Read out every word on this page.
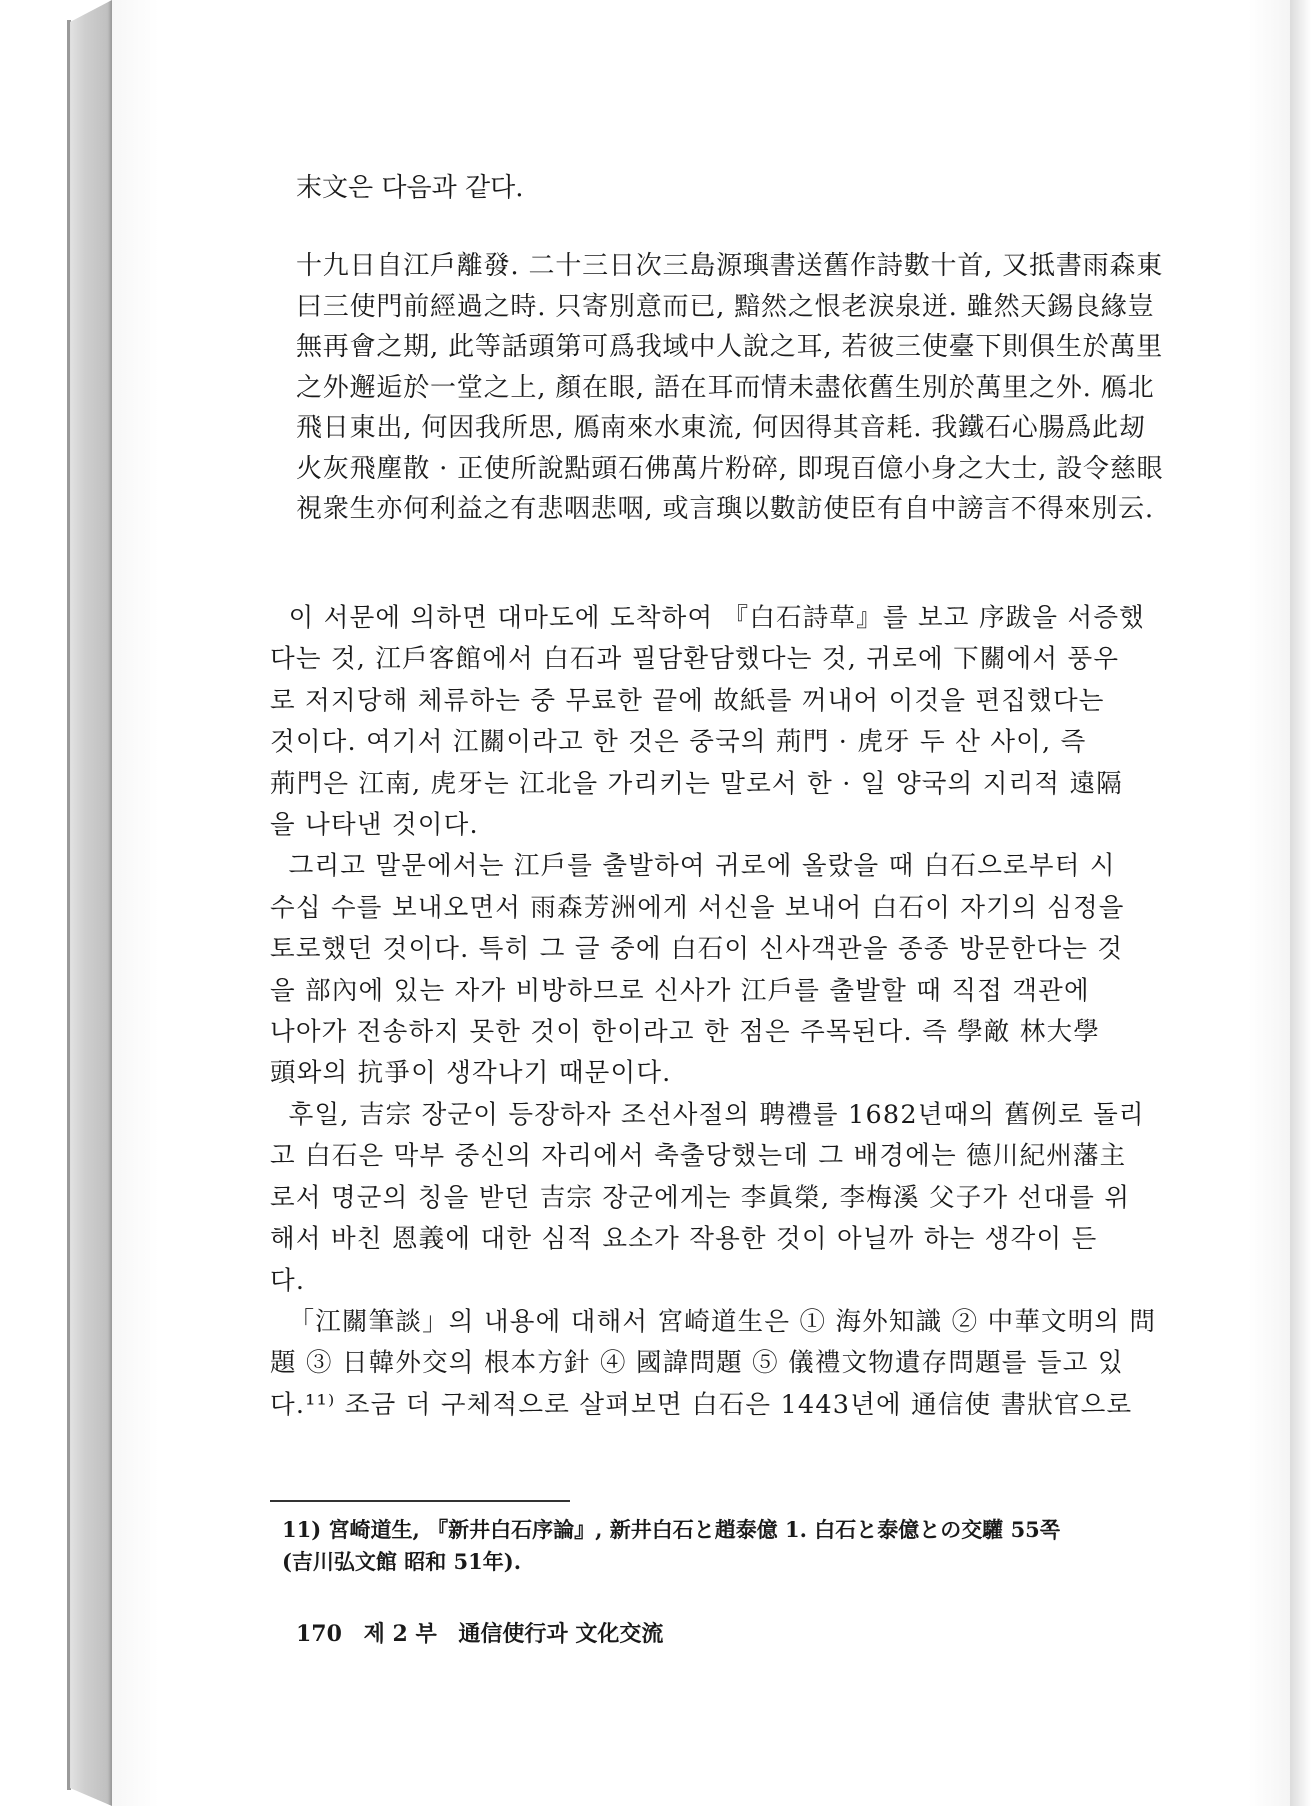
末文은 다음과 같다.
十九日自江戶離發. 二十三日次三島源璵書送舊作詩數十首, 又抵書雨森東
曰三使門前經過之時. 只寄別意而已, 黯然之恨老淚泉迸. 雖然天錫良緣豈
無再會之期, 此等話頭第可爲我域中人說之耳, 若彼三使臺下則俱生於萬里
之外邂逅於一堂之上, 顏在眼, 語在耳而情未盡依舊生別於萬里之外. 鴈北
飛日東出, 何因我所思, 鴈南來水東流, 何因得其音耗. 我鐵石心腸爲此刼
火灰飛塵散 · 正使所說點頭石佛萬片粉碎, 即現百億小身之大士, 設令慈眼
視衆生亦何利益之有悲咽悲咽, 或言璵以數訪使臣有自中謗言不得來別云.
이 서문에 의하면 대마도에 도착하여 『白石詩草』를 보고 序跋을 서증했
다는 것, 江戶客館에서 白石과 필담환담했다는 것, 귀로에 下關에서 풍우
로 저지당해 체류하는 중 무료한 끝에 故紙를 꺼내어 이것을 편집했다는
것이다. 여기서 江關이라고 한 것은 중국의 荊門 · 虎牙 두 산 사이, 즉
荊門은 江南, 虎牙는 江北을 가리키는 말로서 한 · 일 양국의 지리적 遠隔
을 나타낸 것이다.
그리고 말문에서는 江戶를 출발하여 귀로에 올랐을 때 白石으로부터 시
수십 수를 보내오면서 雨森芳洲에게 서신을 보내어 白石이 자기의 심정을
토로했던 것이다. 특히 그 글 중에 白石이 신사객관을 종종 방문한다는 것
을 部內에 있는 자가 비방하므로 신사가 江戶를 출발할 때 직접 객관에
나아가 전송하지 못한 것이 한이라고 한 점은 주목된다. 즉 學敵 林大學
頭와의 抗爭이 생각나기 때문이다.
후일, 吉宗 장군이 등장하자 조선사절의 聘禮를 1682년때의 舊例로 돌리
고 白石은 막부 중신의 자리에서 축출당했는데 그 배경에는 德川紀州藩主
로서 명군의 칭을 받던 吉宗 장군에게는 李眞榮, 李梅溪 父子가 선대를 위
해서 바친 恩義에 대한 심적 요소가 작용한 것이 아닐까 하는 생각이 든
다.
「江關筆談」의 내용에 대해서 宮崎道生은 ① 海外知識 ② 中華文明의 問
題 ③ 日韓外交의 根本方針 ④ 國諱問題 ⑤ 儀禮文物遺存問題를 들고 있
다.¹¹⁾ 조금 더 구체적으로 살펴보면 白石은 1443년에 通信使 書狀官으로
11) 宮崎道生, 『新井白石序論』, 新井白石と趙泰億 1. 白石と泰億との交驩 55쪽
(吉川弘文館 昭和 51年).
170 제 2 부 通信使行과 文化交流
